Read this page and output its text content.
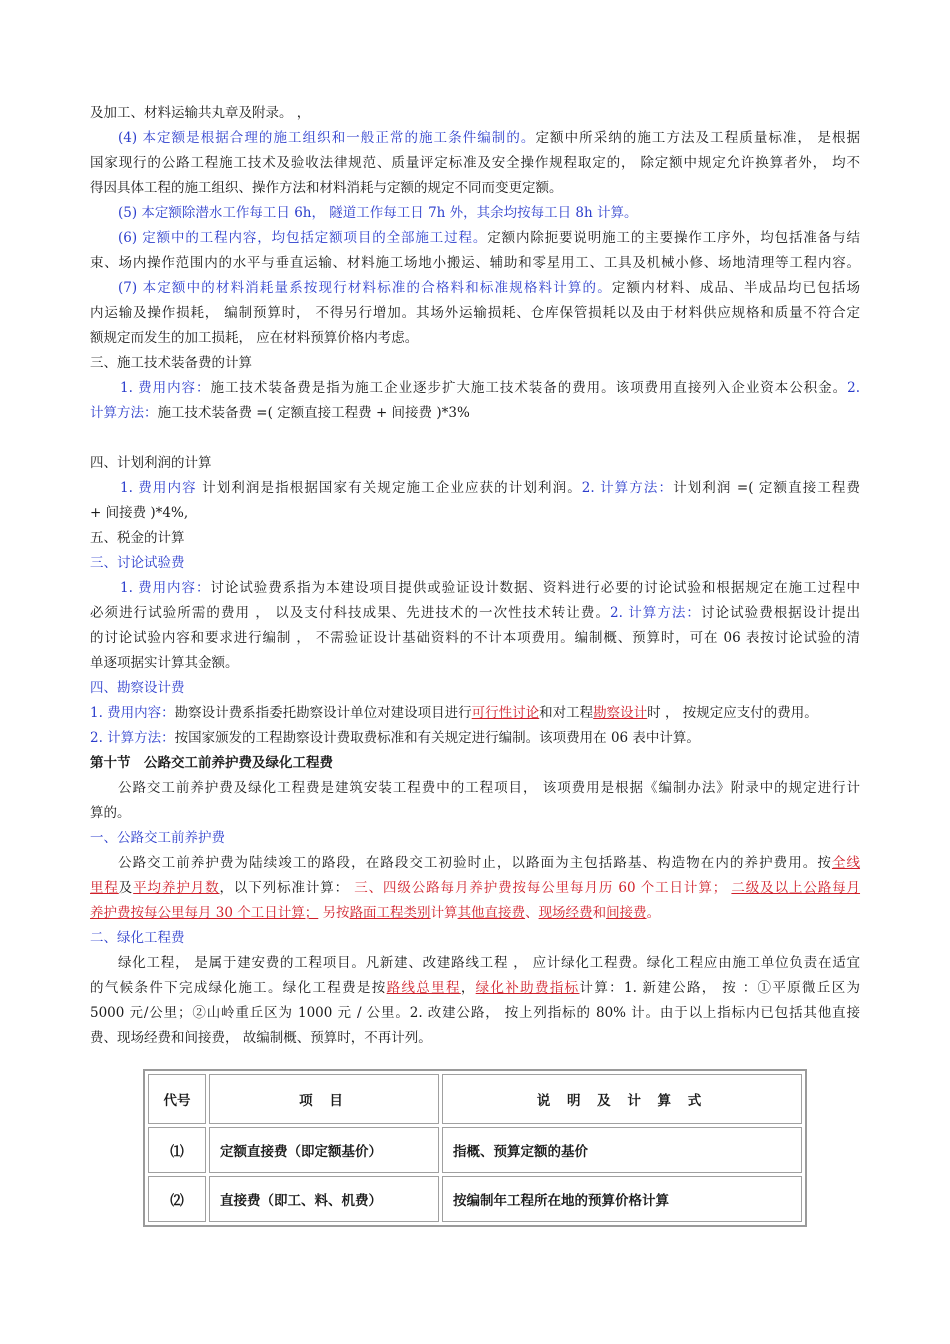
及加工、材料运输共丸章及附录。 ，
(4) 本定额是根据合理的施工组织和一般正常的施工条件编制的。定额中所采纳的施工方法及工程质量标准， 是根据
国家现行的公路工程施工技术及验收法律规范、质量评定标准及安全操作规程取定的， 除定额中规定允许换算者外， 均不
得因具体工程的施工组织、操作方法和材料消耗与定额的规定不同而变更定额。
(5) 本定额除潜水工作每工日 6h， 隧道工作每工日 7h 外，其余均按每工日 8h 计算。
(6) 定额中的工程内容，均包括定额项目的全部施工过程。定额内除扼要说明施工的主要操作工序外，均包括准备与结
束、场内操作范围内的水平与垂直运输、材料施工场地小搬运、辅助和零星用工、工具及机械小修、场地清理等工程内容。
(7) 本定额中的材料消耗量系按现行材料标准的合格料和标准规格料计算的。定额内材料、成品、半成品均已包括场
内运输及操作损耗， 编制预算时， 不得另行增加。其场外运输损耗、仓库保管损耗以及由于材料供应规格和质量不符合定
额规定而发生的加工损耗， 应在材料预算价格内考虑。
三、施工技术装备费的计算
1. 费用内容：施工技术装备费是指为施工企业逐步扩大施工技术装备的费用。该项费用直接列入企业资本公积金。2.
计算方法：施工技术装备费 =( 定额直接工程费 + 间接费 )*3%
四、计划利润的计算
1. 费用内容 计划利润是指根据国家有关规定施工企业应获的计划利润。2. 计算方法：计划利润 =( 定额直接工程费
+ 间接费 )*4%,
五、税金的计算
三、讨论试验费
1. 费用内容：讨论试验费系指为本建设项目提供或验证设计数据、资料进行必要的讨论试验和根据规定在施工过程中
必须进行试验所需的费用 ， 以及支付科技成果、先进技术的一次性技术转让费。2. 计算方法：讨论试验费根据设计提出
的讨论试验内容和要求进行编制 ， 不需验证设计基础资料的不计本项费用。编制概、预算时，可在 06 表按讨论试验的清
单逐项据实计算其金额。
四、勘察设计费
1. 费用内容：勘察设计费系指委托勘察设计单位对建设项目进行可行性讨论和对工程勘察设计时 ， 按规定应支付的费用。
2. 计算方法：按国家颁发的工程勘察设计费取费标准和有关规定进行编制。该项费用在 06 表中计算。
第十节　公路交工前养护费及绿化工程费
公路交工前养护费及绿化工程费是建筑安装工程费中的工程项目， 该项费用是根据《编制办法》附录中的规定进行计
算的。
一、公路交工前养护费
公路交工前养护费为陆续竣工的路段，在路段交工初验时止，以路面为主包括路基、构造物在内的养护费用。按全线
里程及平均养护月数，以下列标准计算： 三、四级公路每月养护费按每公里每月历 60 个工日计算； 二级及以上公路每月
养护费按每公里每月 30 个工日计算； 另按路面工程类别计算其他直接费、现场经费和间接费。
二、绿化工程费
绿化工程， 是属于建安费的工程项目。凡新建、改建路线工程 ， 应计绿化工程费。绿化工程应由施工单位负责在适宜
的气候条件下完成绿化施工。绿化工程费是按路线总里程，绿化补助费指标计算：1. 新建公路， 按 ：①平原微丘区为
5000 元/公里；②山岭重丘区为 1000 元 / 公里。2. 改建公路， 按上列指标的 80% 计。由于以上指标内已包括其他直接
费、现场经费和间接费， 故编制概、预算时，不再计列。
代号	项 目	说 明 及 计 算 式
⑴	定额直接费（即定额基价）	指概、预算定额的基价
⑵	直接费（即工、料、机费）	按编制年工程所在地的预算价格计算
